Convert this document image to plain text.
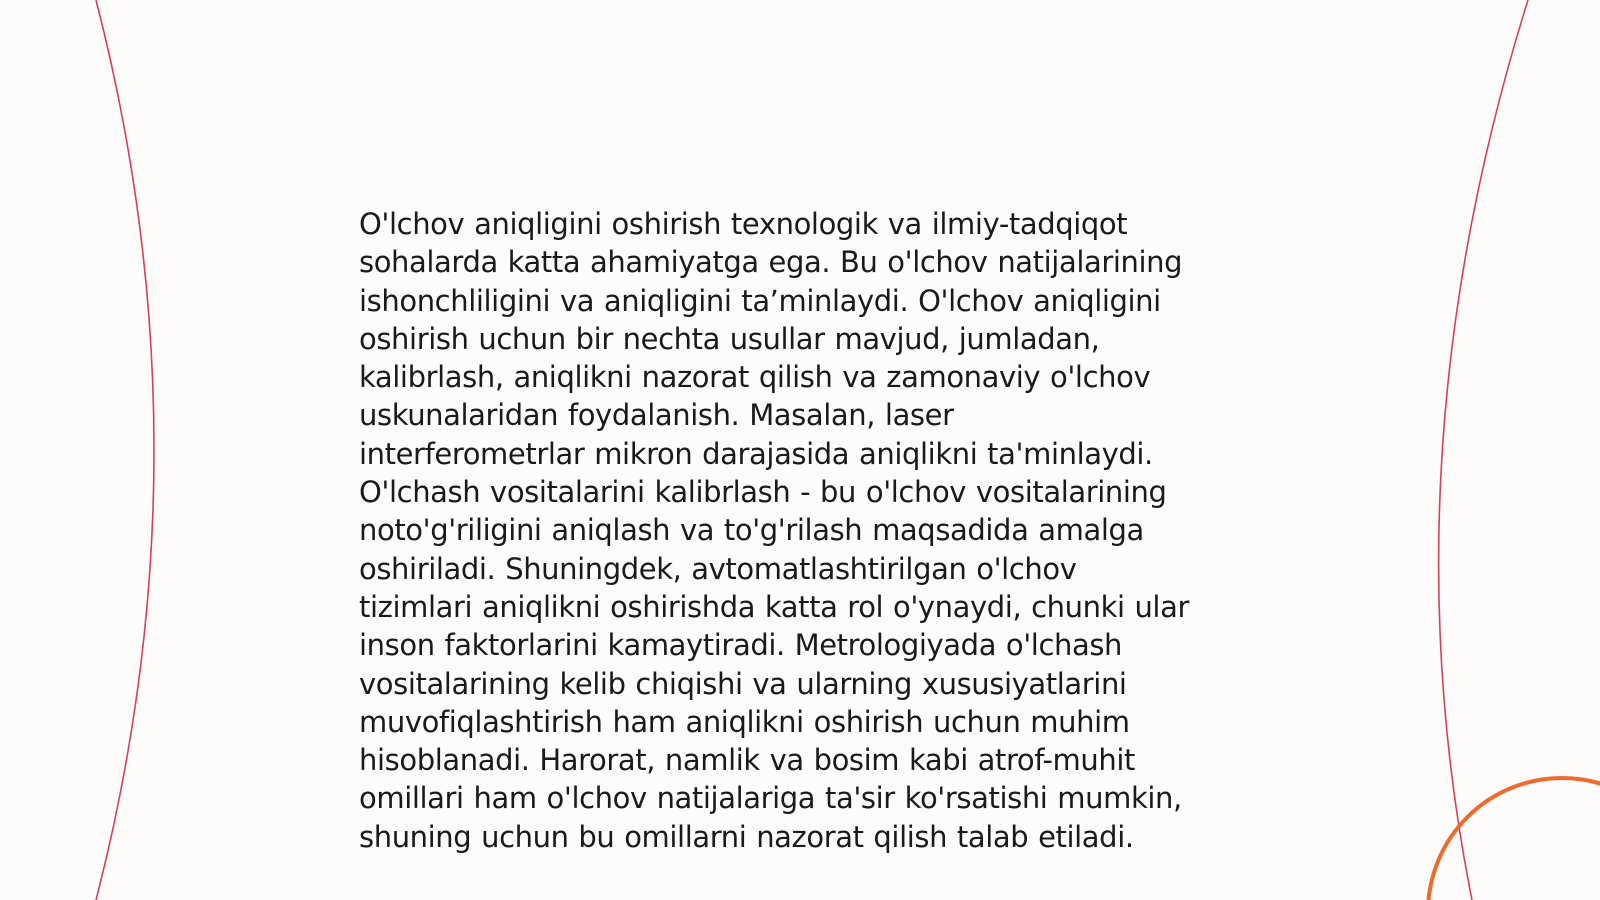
O'lchov aniqligini oshirish texnologik va ilmiy-tadqiqot
sohalarda katta ahamiyatga ega. Bu o'lchov natijalarining
ishonchliligini va aniqligini ta’minlaydi. O'lchov aniqligini
oshirish uchun bir nechta usullar mavjud, jumladan,
kalibrlash, aniqlikni nazorat qilish va zamonaviy o'lchov
uskunalaridan foydalanish. Masalan, laser
interferometrlar mikron darajasida aniqlikni ta'minlaydi.
O'lchash vositalarini kalibrlash - bu o'lchov vositalarining
noto'g'riligini aniqlash va to'g'rilash maqsadida amalga
oshiriladi. Shuningdek, avtomatlashtirilgan o'lchov
tizimlari aniqlikni oshirishda katta rol o'ynaydi, chunki ular
inson faktorlarini kamaytiradi. Metrologiyada o'lchash
vositalarining kelib chiqishi va ularning xususiyatlarini
muvofiqlashtirish ham aniqlikni oshirish uchun muhim
hisoblanadi. Harorat, namlik va bosim kabi atrof-muhit
omillari ham o'lchov natijalariga ta'sir ko'rsatishi mumkin,
shuning uchun bu omillarni nazorat qilish talab etiladi.
